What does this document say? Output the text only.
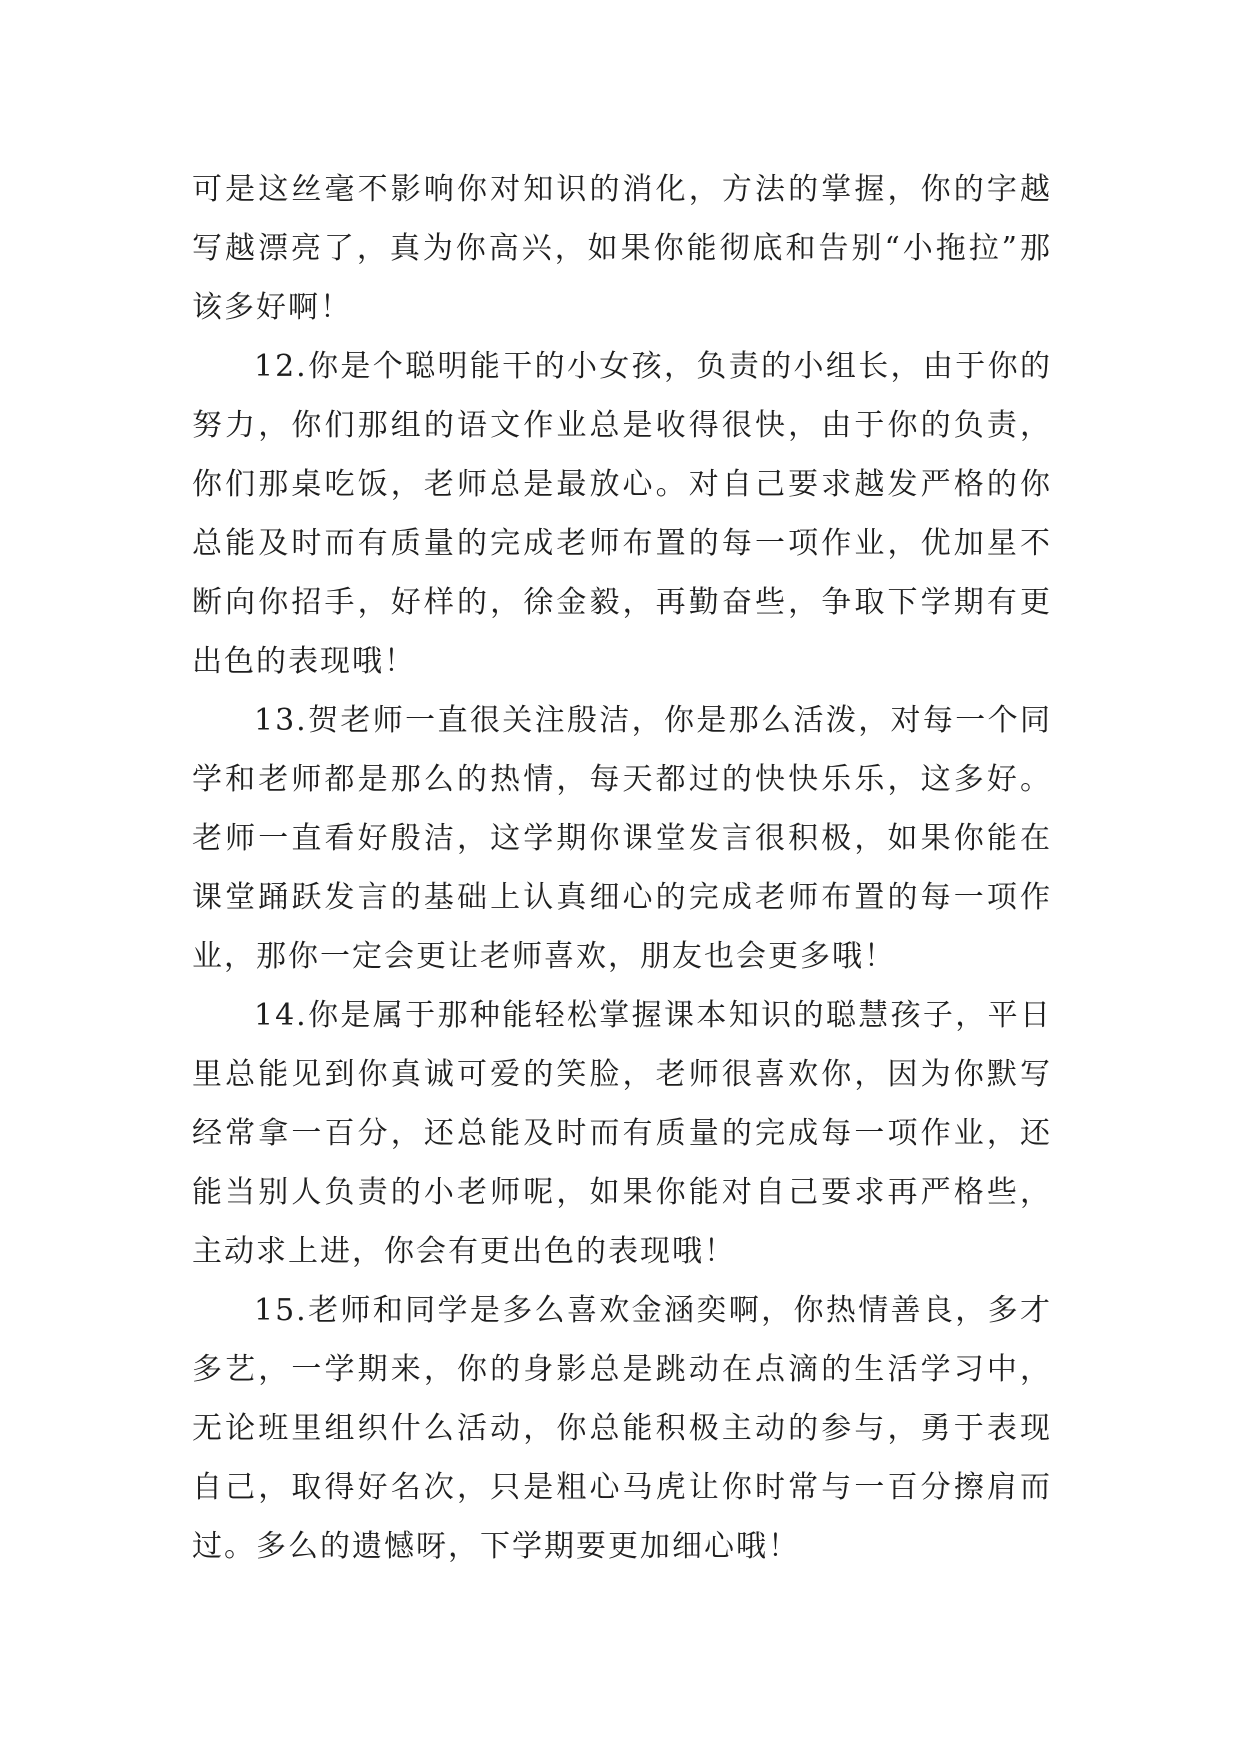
可是这丝毫不影响你对知识的消化，方法的掌握，你的字越写越漂亮了，真为你高兴，如果你能彻底和告别“小拖拉”那该多好啊！

12.你是个聪明能干的小女孩，负责的小组长，由于你的努力，你们那组的语文作业总是收得很快，由于你的负责，你们那桌吃饭，老师总是最放心。对自己要求越发严格的你总能及时而有质量的完成老师布置的每一项作业，优加星不断向你招手，好样的，徐金毅，再勤奋些，争取下学期有更出色的表现哦！

13.贺老师一直很关注殷洁，你是那么活泼，对每一个同学和老师都是那么的热情，每天都过的快快乐乐，这多好。老师一直看好殷洁，这学期你课堂发言很积极，如果你能在课堂踊跃发言的基础上认真细心的完成老师布置的每一项作业，那你一定会更让老师喜欢，朋友也会更多哦！

14.你是属于那种能轻松掌握课本知识的聪慧孩子，平日里总能见到你真诚可爱的笑脸，老师很喜欢你，因为你默写经常拿一百分，还总能及时而有质量的完成每一项作业，还能当别人负责的小老师呢，如果你能对自己要求再严格些，主动求上进，你会有更出色的表现哦！

15.老师和同学是多么喜欢金涵奕啊，你热情善良，多才多艺，一学期来，你的身影总是跳动在点滴的生活学习中，无论班里组织什么活动，你总能积极主动的参与，勇于表现自己，取得好名次，只是粗心马虎让你时常与一百分擦肩而过。多么的遗憾呀，下学期要更加细心哦！
